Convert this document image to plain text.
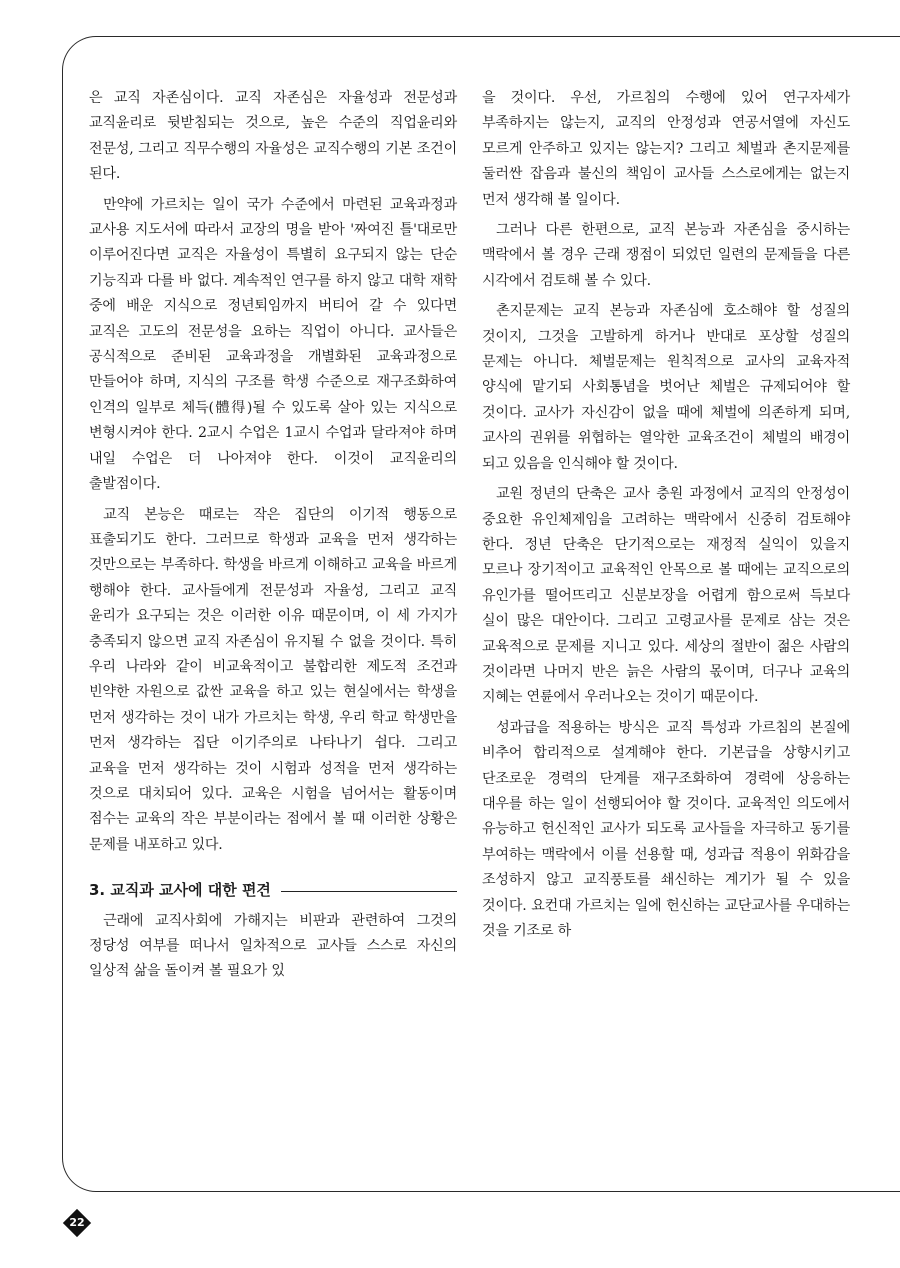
은 교직 자존심이다. 교직 자존심은 자율성과 전문성과 교직윤리로 뒷받침되는 것으로, 높은 수준의 직업윤리와 전문성, 그리고 직무수행의 자율성은 교직수행의 기본 조건이 된다.

만약에 가르치는 일이 국가 수준에서 마련된 교육과정과 교사용 지도서에 따라서 교장의 명을 받아 '짜여진 틀'대로만 이루어진다면 교직은 자율성이 특별히 요구되지 않는 단순 기능직과 다를 바 없다. 계속적인 연구를 하지 않고 대학 재학 중에 배운 지식으로 정년퇴임까지 버티어 갈 수 있다면 교직은 고도의 전문성을 요하는 직업이 아니다. 교사들은 공식적으로 준비된 교육과정을 개별화된 교육과정으로 만들어야 하며, 지식의 구조를 학생 수준으로 재구조화하여 인격의 일부로 체득(體得)될 수 있도록 살아 있는 지식으로 변형시켜야 한다. 2교시 수업은 1교시 수업과 달라져야 하며 내일 수업은 더 나아져야 한다. 이것이 교직윤리의 출발점이다.

교직 본능은 때로는 작은 집단의 이기적 행동으로 표출되기도 한다. 그러므로 학생과 교육을 먼저 생각하는 것만으로는 부족하다. 학생을 바르게 이해하고 교육을 바르게 행해야 한다. 교사들에게 전문성과 자율성, 그리고 교직 윤리가 요구되는 것은 이러한 이유 때문이며, 이 세 가지가 충족되지 않으면 교직 자존심이 유지될 수 없을 것이다. 특히 우리 나라와 같이 비교육적이고 불합리한 제도적 조건과 빈약한 자원으로 값싼 교육을 하고 있는 현실에서는 학생을 먼저 생각하는 것이 내가 가르치는 학생, 우리 학교 학생만을 먼저 생각하는 집단 이기주의로 나타나기 쉽다. 그리고 교육을 먼저 생각하는 것이 시험과 성적을 먼저 생각하는 것으로 대치되어 있다. 교육은 시험을 넘어서는 활동이며 점수는 교육의 작은 부분이라는 점에서 볼 때 이러한 상황은 문제를 내포하고 있다.

3. 교직과 교사에 대한 편견

근래에 교직사회에 가해지는 비판과 관련하여 그것의 정당성 여부를 떠나서 일차적으로 교사들 스스로 자신의 일상적 삶을 돌이켜 볼 필요가 있

을 것이다. 우선, 가르침의 수행에 있어 연구자세가 부족하지는 않는지, 교직의 안정성과 연공서열에 자신도 모르게 안주하고 있지는 않는지? 그리고 체벌과 촌지문제를 둘러싼 잡음과 불신의 책임이 교사들 스스로에게는 없는지 먼저 생각해 볼 일이다.

그러나 다른 한편으로, 교직 본능과 자존심을 중시하는 맥락에서 볼 경우 근래 쟁점이 되었던 일련의 문제들을 다른 시각에서 검토해 볼 수 있다.

촌지문제는 교직 본능과 자존심에 호소해야 할 성질의 것이지, 그것을 고발하게 하거나 반대로 포상할 성질의 문제는 아니다. 체벌문제는 원칙적으로 교사의 교육자적 양식에 맡기되 사회통념을 벗어난 체벌은 규제되어야 할 것이다. 교사가 자신감이 없을 때에 체벌에 의존하게 되며, 교사의 권위를 위협하는 열악한 교육조건이 체벌의 배경이 되고 있음을 인식해야 할 것이다.

교원 정년의 단축은 교사 충원 과정에서 교직의 안정성이 중요한 유인체제임을 고려하는 맥락에서 신중히 검토해야 한다. 정년 단축은 단기적으로는 재정적 실익이 있을지 모르나 장기적이고 교육적인 안목으로 볼 때에는 교직으로의 유인가를 떨어뜨리고 신분보장을 어렵게 함으로써 득보다 실이 많은 대안이다. 그리고 고령교사를 문제로 삼는 것은 교육적으로 문제를 지니고 있다. 세상의 절반이 젊은 사람의 것이라면 나머지 반은 늙은 사람의 몫이며, 더구나 교육의 지혜는 연륜에서 우러나오는 것이기 때문이다.

성과급을 적용하는 방식은 교직 특성과 가르침의 본질에 비추어 합리적으로 설계해야 한다. 기본급을 상향시키고 단조로운 경력의 단계를 재구조화하여 경력에 상응하는 대우를 하는 일이 선행되어야 할 것이다. 교육적인 의도에서 유능하고 헌신적인 교사가 되도록 교사들을 자극하고 동기를 부여하는 맥락에서 이를 선용할 때, 성과급 적용이 위화감을 조성하지 않고 교직풍토를 쇄신하는 계기가 될 수 있을 것이다. 요컨대 가르치는 일에 헌신하는 교단교사를 우대하는 것을 기조로 하

22
